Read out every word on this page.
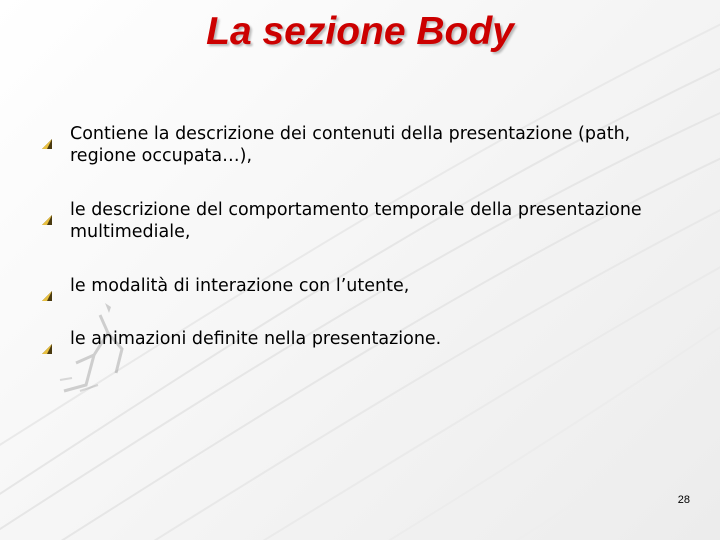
La sezione Body
Contiene la descrizione dei contenuti della presentazione (path, regione occupata…),
le descrizione del comportamento temporale della presentazione multimediale,
le modalità di interazione con l’utente,
le animazioni definite nella presentazione.
28
